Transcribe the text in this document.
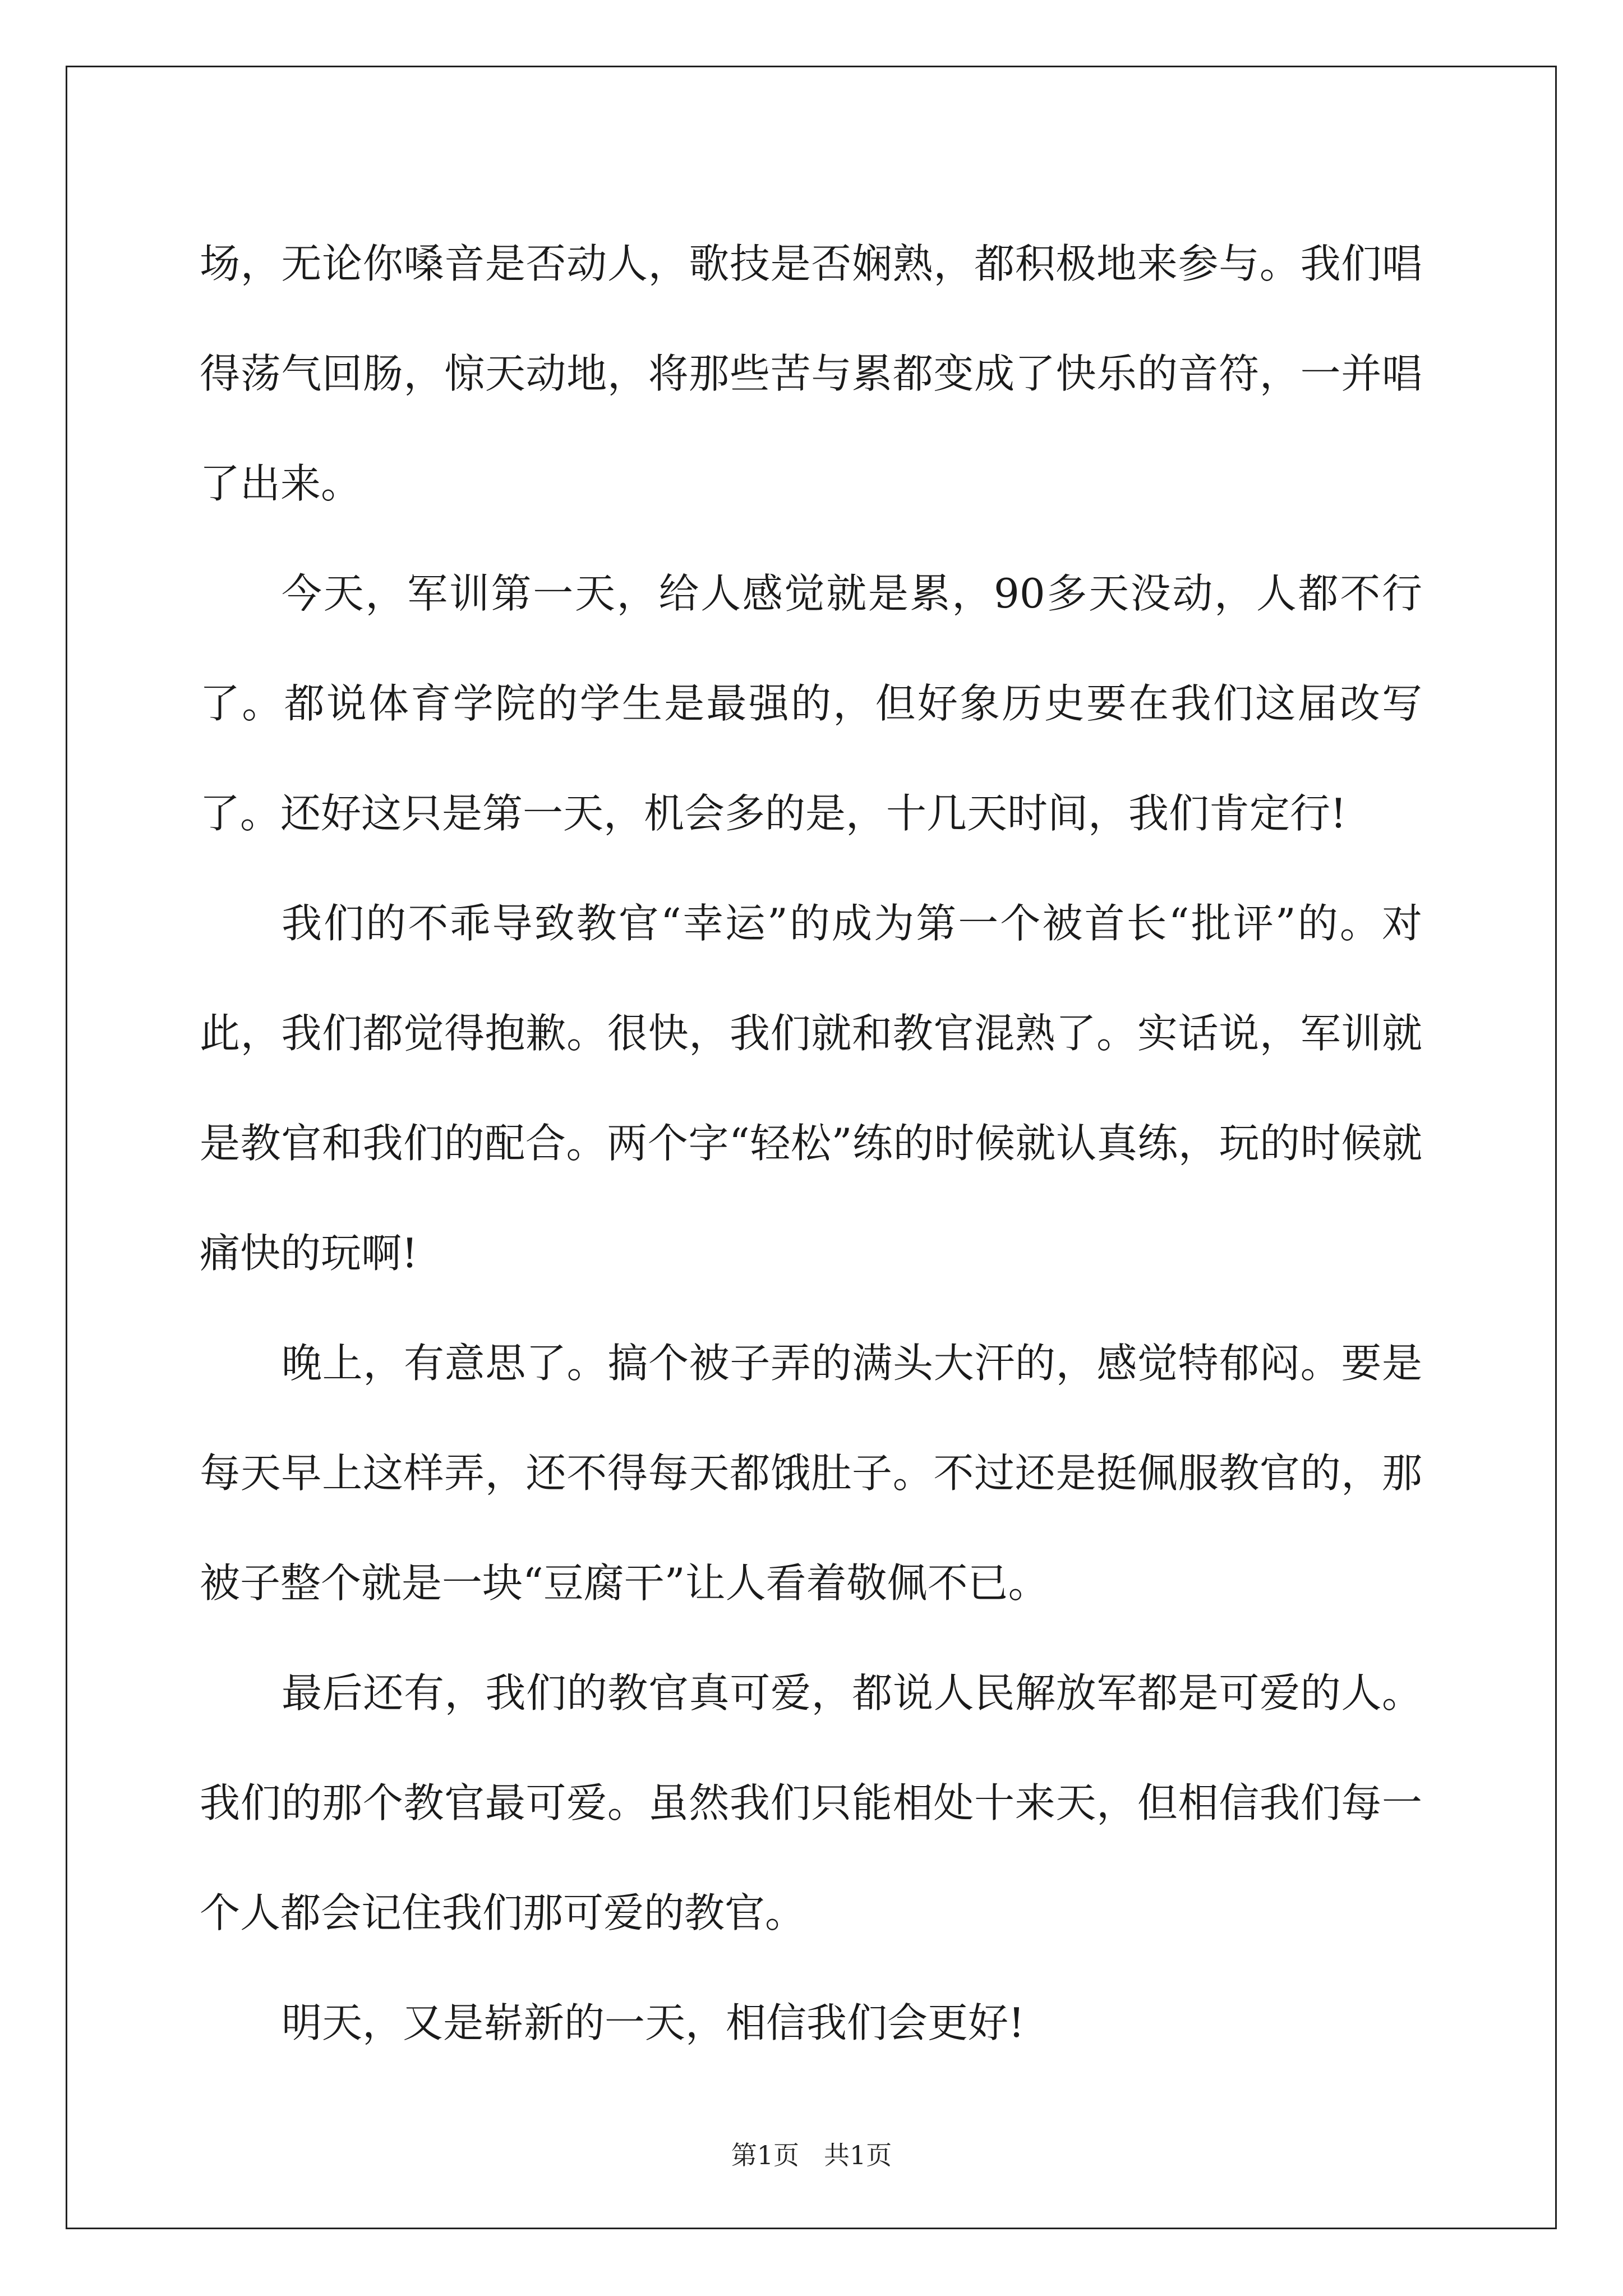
场，无论你嗓音是否动人，歌技是否娴熟，都积极地来参与。我们唱得荡气回肠，惊天动地，将那些苦与累都变成了快乐的音符，一并唱了出来。

今天，军训第一天，给人感觉就是累，90多天没动，人都不行了。都说体育学院的学生是最强的，但好象历史要在我们这届改写了。还好这只是第一天，机会多的是，十几天时间，我们肯定行!

我们的不乖导致教官“幸运”的成为第一个被首长“批评”的。对此，我们都觉得抱歉。很快，我们就和教官混熟了。实话说，军训就是教官和我们的配合。两个字“轻松”练的时候就认真练，玩的时候就痛快的玩啊!

晚上，有意思了。搞个被子弄的满头大汗的，感觉特郁闷。要是每天早上这样弄，还不得每天都饿肚子。不过还是挺佩服教官的，那被子整个就是一块“豆腐干”让人看着敬佩不已。

最后还有，我们的教官真可爱，都说人民解放军都是可爱的人。我们的那个教官最可爱。虽然我们只能相处十来天，但相信我们每一个人都会记住我们那可爱的教官。

明天，又是崭新的一天，相信我们会更好!

第1页 共1页
